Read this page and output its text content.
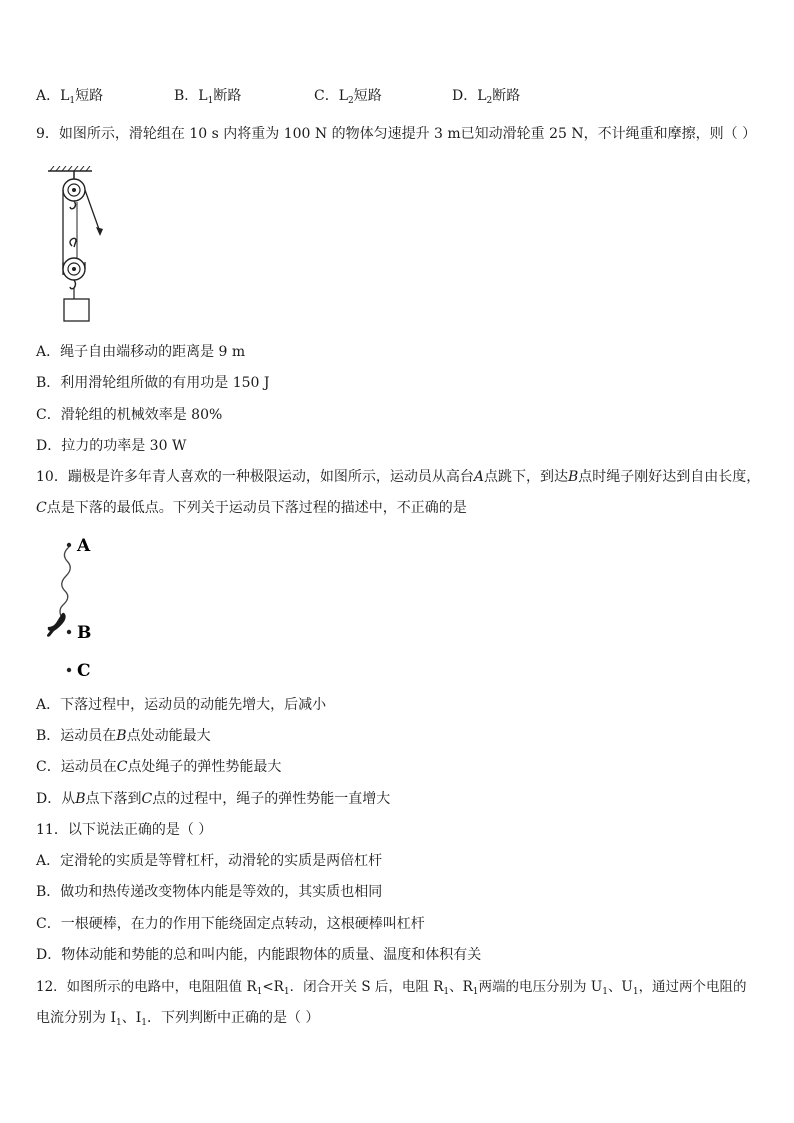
A．$L_1$短路	B．$L_1$断路	C．$L_2$短路	D．$L_2$断路
9．如图所示，滑轮组在 10 s 内将重为 100 N 的物体匀速提升 3 m已知动滑轮重 25 N，不计绳重和摩擦，则（ ）
A．绳子自由端移动的距离是 9 m
B．利用滑轮组所做的有用功是 150 J
C．滑轮组的机械效率是 80%
D．拉力的功率是 30 W
10．蹦极是许多年青人喜欢的一种极限运动，如图所示，运动员从高台A点跳下，到达B点时绳子刚好达到自由长度，
C点是下落的最低点。下列关于运动员下落过程的描述中，不正确的是
A
B
C
A．下落过程中，运动员的动能先增大，后减小
B．运动员在B点处动能最大
C．运动员在C点处绳子的弹性势能最大
D．从B点下落到C点的过程中，绳子的弹性势能一直增大
11．以下说法正确的是（ ）
A．定滑轮的实质是等臂杠杆，动滑轮的实质是两倍杠杆
B．做功和热传递改变物体内能是等效的，其实质也相同
C．一根硬棒，在力的作用下能绕固定点转动，这根硬棒叫杠杆
D．物体动能和势能的总和叫内能，内能跟物体的质量、温度和体积有关
12．如图所示的电路中，电阻阻值 $R_1<R_1$．闭合开关 S 后，电阻 $R_1$、$R_1$两端的电压分别为 $U_1$、$U_1$，通过两个电阻的
电流分别为 $I_1$、$I_1$．下列判断中正确的是（ ）
